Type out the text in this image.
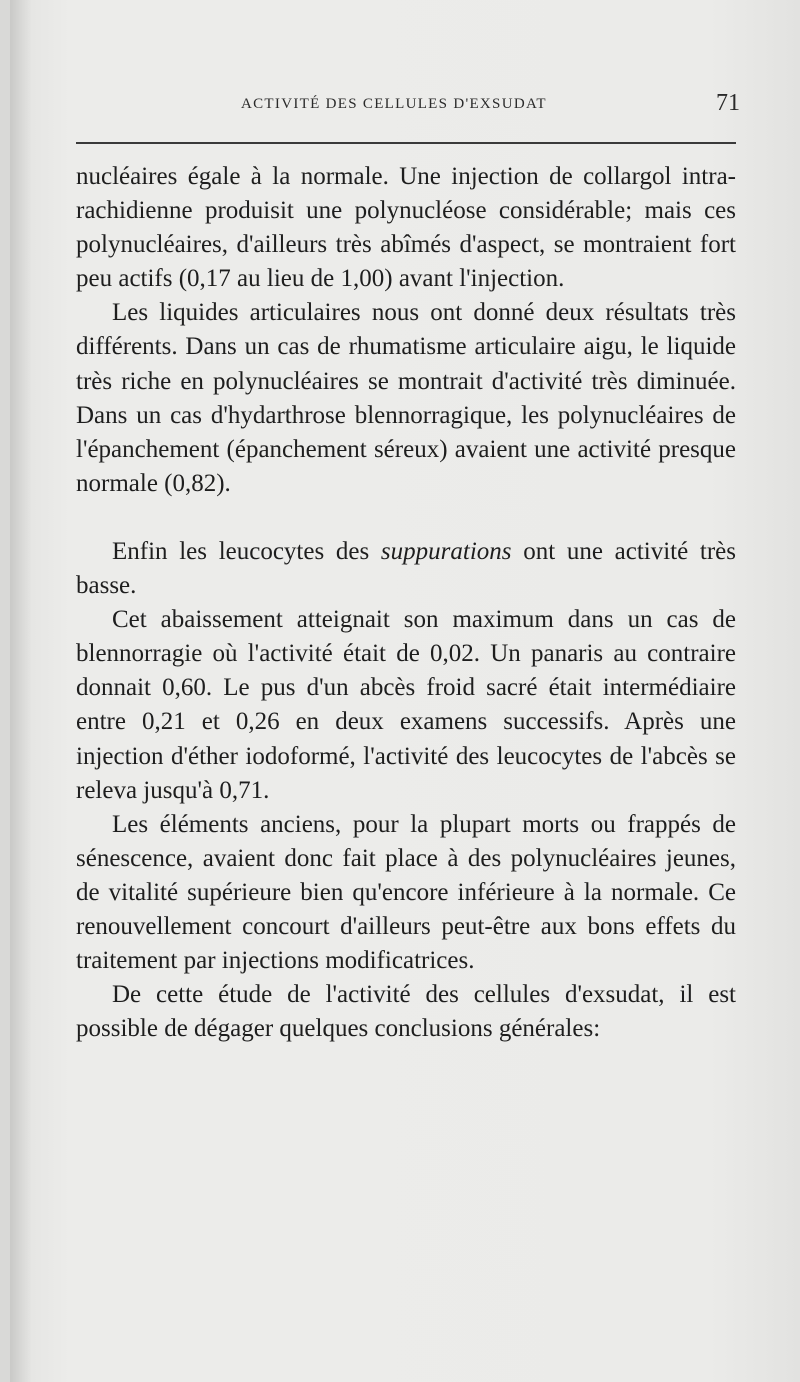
ACTIVITÉ DES CELLULES D'EXSUDAT	71

nucléaires égale à la normale. Une injection de collargol intra-rachidienne produisit une polynucléose considérable; mais ces polynucléaires, d'ailleurs très abîmés d'aspect, se montraient fort peu actifs (0,17 au lieu de 1,00) avant l'injection.

Les liquides articulaires nous ont donné deux résultats très différents. Dans un cas de rhumatisme articulaire aigu, le liquide très riche en polynucléaires se montrait d'activité très diminuée. Dans un cas d'hydarthrose blennorragique, les polynucléaires de l'épanchement (épanchement séreux) avaient une activité presque normale (0,82).

Enfin les leucocytes des suppurations ont une activité très basse.

Cet abaissement atteignait son maximum dans un cas de blennorragie où l'activité était de 0,02. Un panaris au contraire donnait 0,60. Le pus d'un abcès froid sacré était intermédiaire entre 0,21 et 0,26 en deux examens successifs. Après une injection d'éther iodoformé, l'activité des leucocytes de l'abcès se releva jusqu'à 0,71.

Les éléments anciens, pour la plupart morts ou frappés de sénescence, avaient donc fait place à des polynucléaires jeunes, de vitalité supérieure bien qu'encore inférieure à la normale. Ce renouvellement concourt d'ailleurs peut-être aux bons effets du traitement par injections modificatrices.

De cette étude de l'activité des cellules d'exsudat, il est possible de dégager quelques conclusions générales:
